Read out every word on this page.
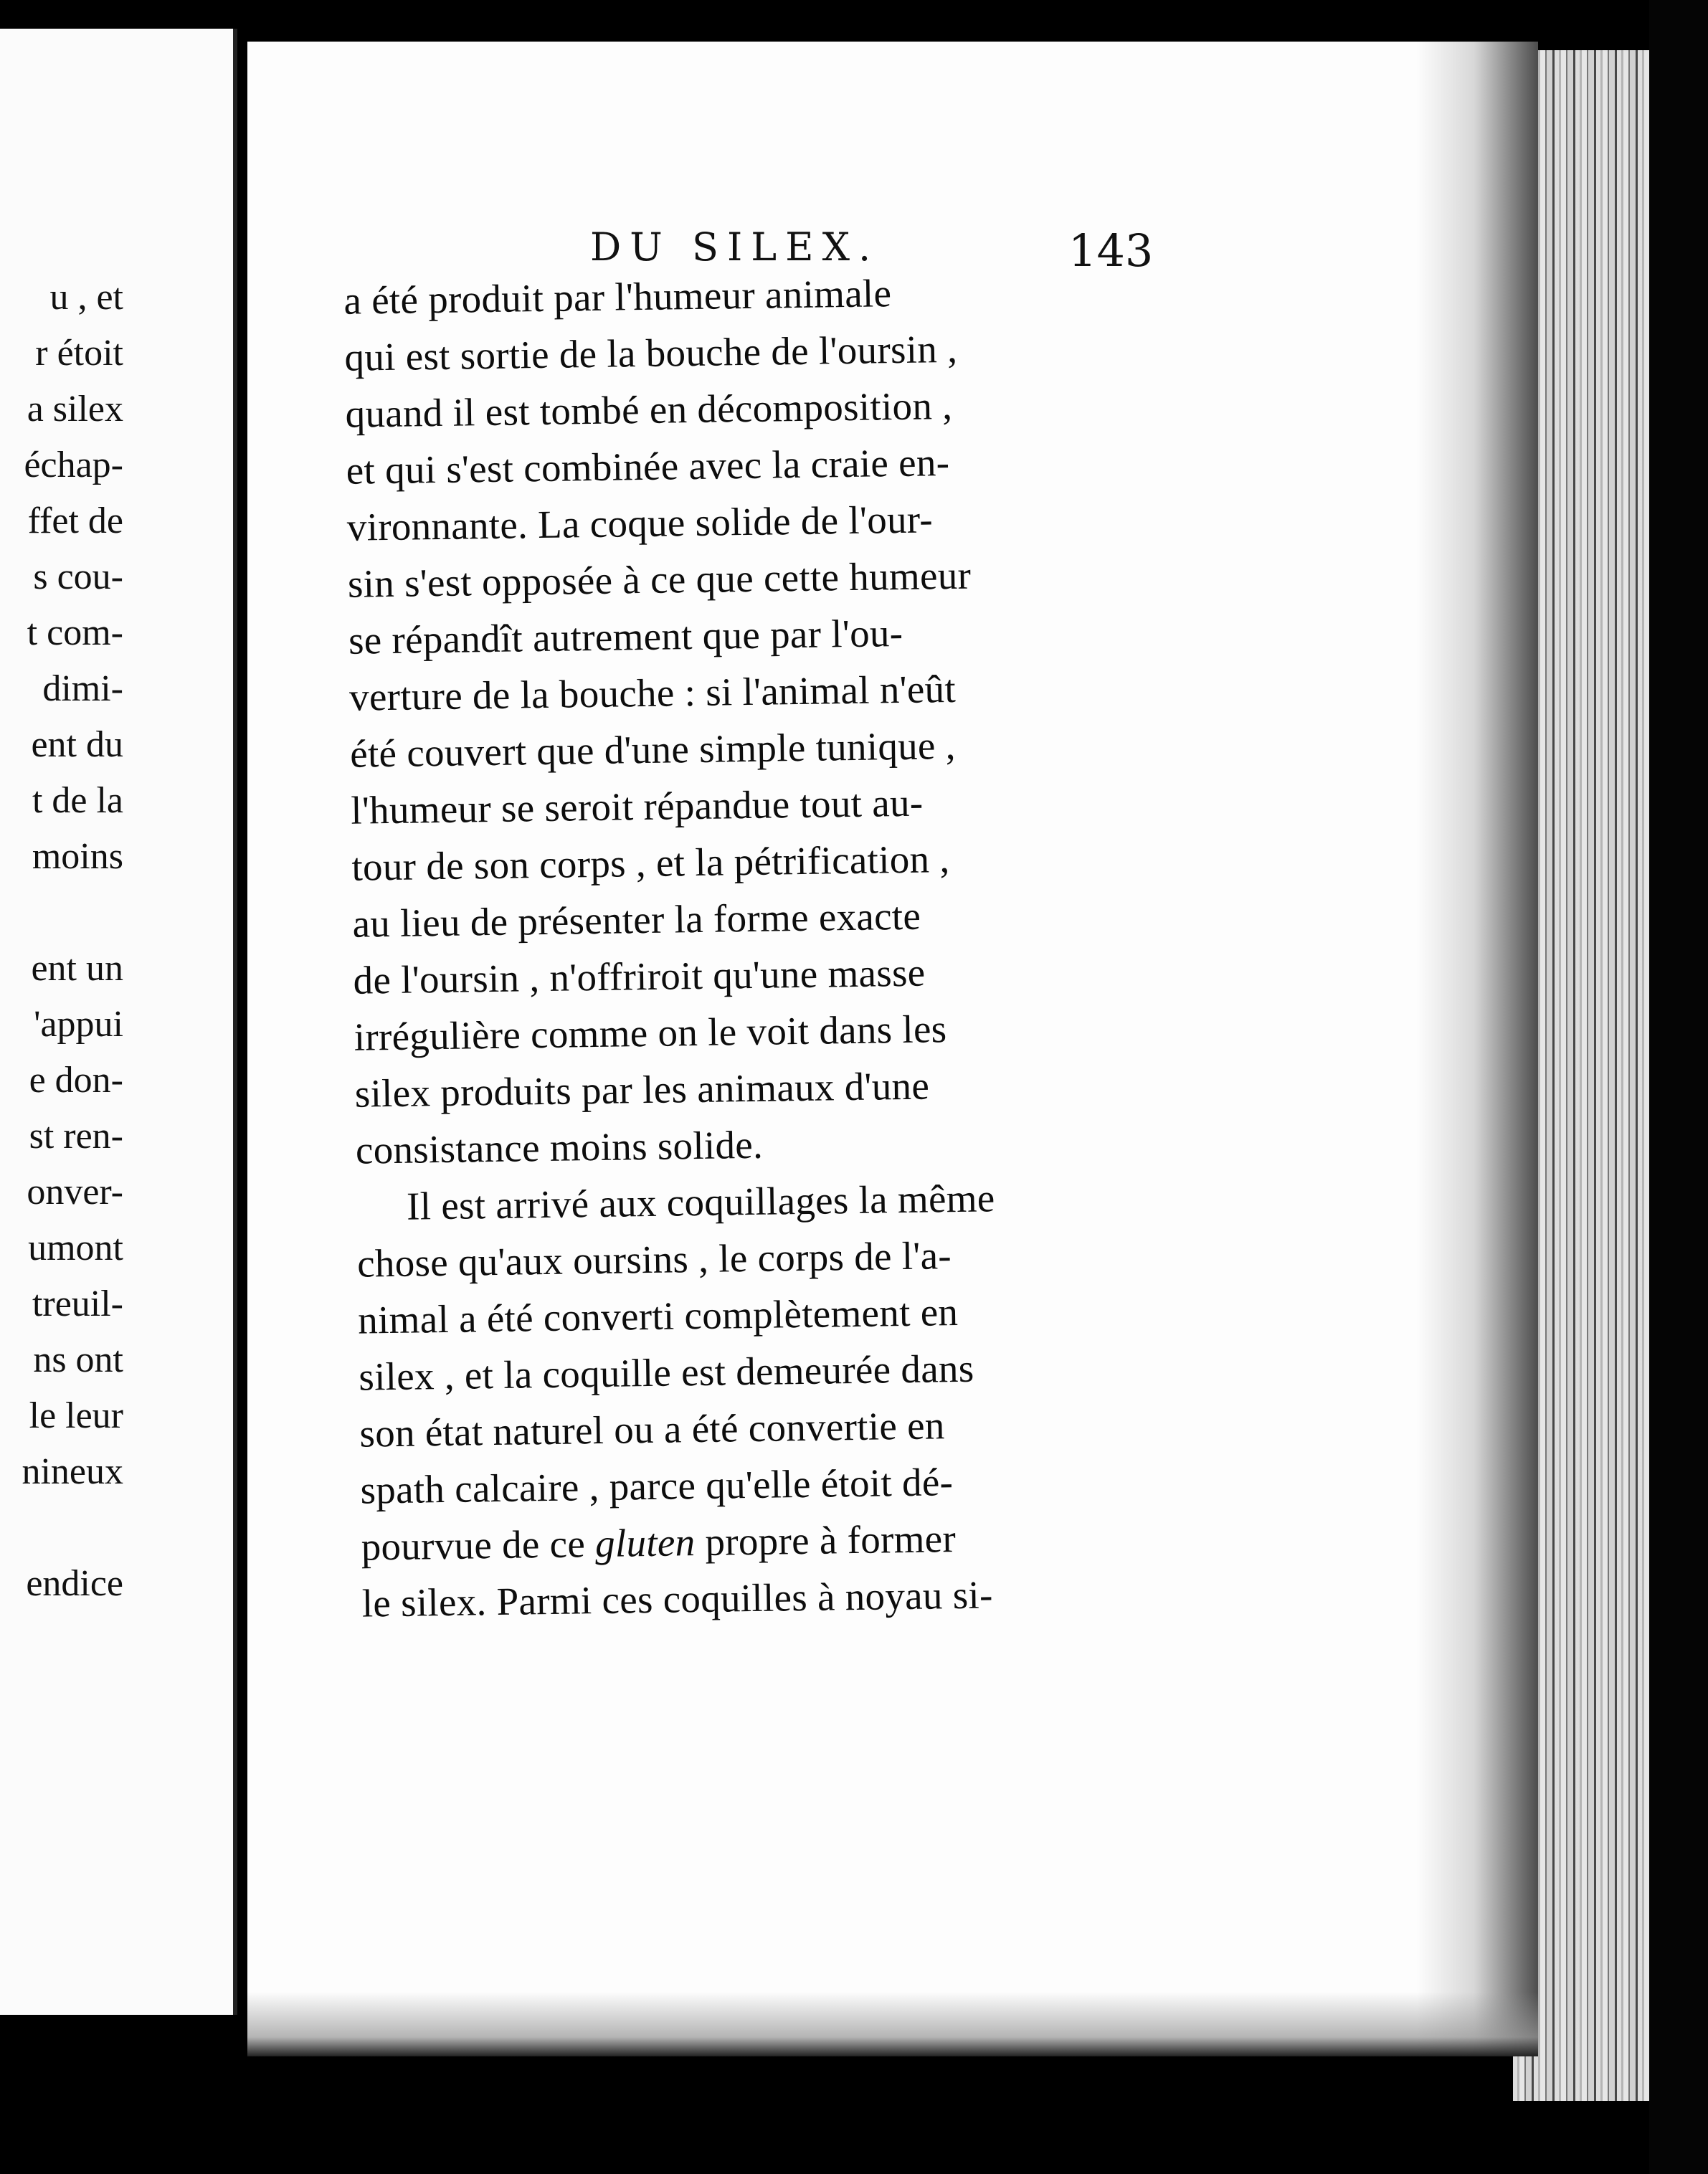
u , et
r étoit
a silex
échap-
ffet de
s cou-
t com-
dimi-
ent du
t de la
moins
ent un
'appui
e don-
st ren-
onver-
umont
treuil-
ns ont
le leur
nineux
endice
DU SILEX.	143
a été produit par l'humeur animale
qui est sortie de la bouche de l'oursin ,
quand il est tombé en décomposition ,
et qui s'est combinée avec la craie en-
vironnante. La coque solide de l'our-
sin s'est opposée à ce que cette humeur
se répandît autrement que par l'ou-
verture de la bouche : si l'animal n'eût
été couvert que d'une simple tunique ,
l'humeur se seroit répandue tout au-
tour de son corps , et la pétrification ,
au lieu de présenter la forme exacte
de l'oursin , n'offriroit qu'une masse
irrégulière comme on le voit dans les
silex produits par les animaux d'une
consistance moins solide.
Il est arrivé aux coquillages la même
chose qu'aux oursins , le corps de l'a-
nimal a été converti complètement en
silex , et la coquille est demeurée dans
son état naturel ou a été convertie en
spath calcaire , parce qu'elle étoit dé-
pourvue de ce gluten propre à former
le silex. Parmi ces coquilles à noyau si-
